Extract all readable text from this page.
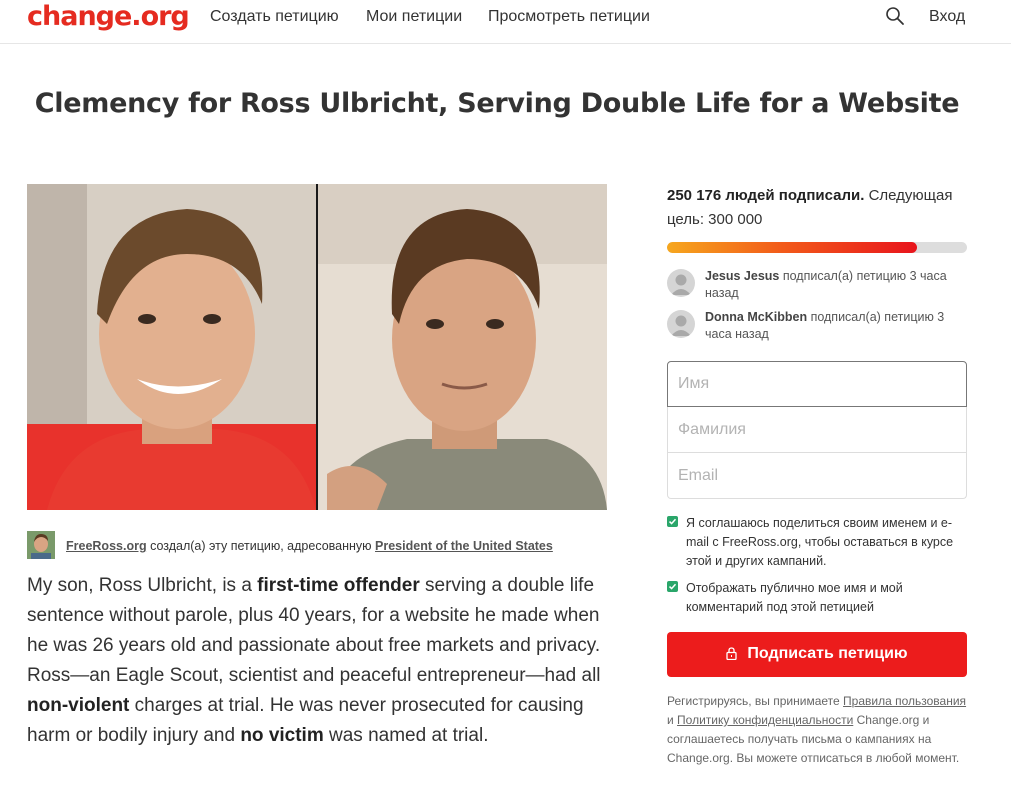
change.org Создать петицию Мои петиции Просмотреть петиции	Вход
Clemency for Ross Ulbricht, Serving Double Life for a Website
FreeRoss.org создал(а) эту петицию, адресованную President of the United States
My son, Ross Ulbricht, is a first-time offender serving a double life sentence without parole, plus 40 years, for a website he made when he was 26 years old and passionate about free markets and privacy. Ross—an Eagle Scout, scientist and peaceful entrepreneur—had all non-violent charges at trial. He was never prosecuted for causing harm or bodily injury and no victim was named at trial.
250 176 людей подписали. Следующая цель: 300 000
Jesus Jesus подписал(а) петицию 3 часа назад
Donna McKibben подписал(а) петицию 3 часа назад
Имя
Фамилия
Email
Я соглашаюсь поделиться своим именем и e-mail с FreeRoss.org, чтобы оставаться в курсе этой и других кампаний.
Отображать публично мое имя и мой комментарий под этой петицией
Подписать петицию
Регистрируясь, вы принимаете Правила пользования и Политику конфиденциальности Change.org и соглашаетесь получать письма о кампаниях на Change.org. Вы можете отписаться в любой момент.
